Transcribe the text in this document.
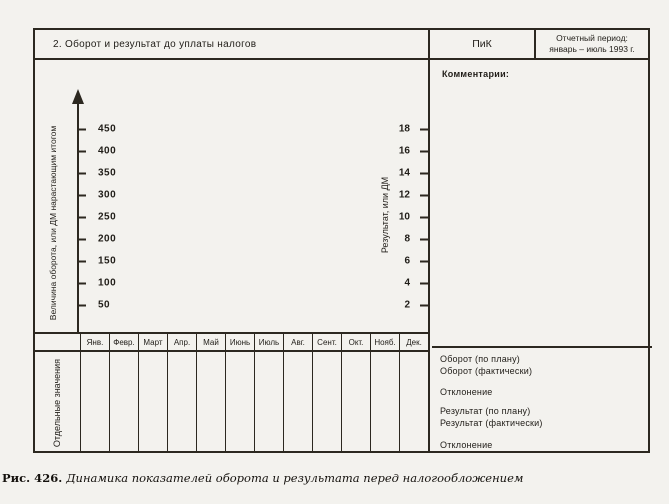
2. Оборот и результат до уплаты налогов	ПиК
Отчетный период:
январь – июль 1993 г.
Величина оборота, или ДМ нарастающим итогом	Результат, или ДМ
450
400
350
300
250
200
150
100
50
18
16
14
12
10
8
6
4
2
Янв.	Февр.	Март	Апр.	Май	Июнь	Июль	Авг.	Сент.	Окт.	Нояб.	Дек.
Отдельные значения
Комментарии:
Оборот (по плану)
Оборот (фактически)
Отклонение
Результат (по плану)
Результат (фактически)
Отклонение
Рис. 426. Динамика показателей оборота и результата перед налогообложением
